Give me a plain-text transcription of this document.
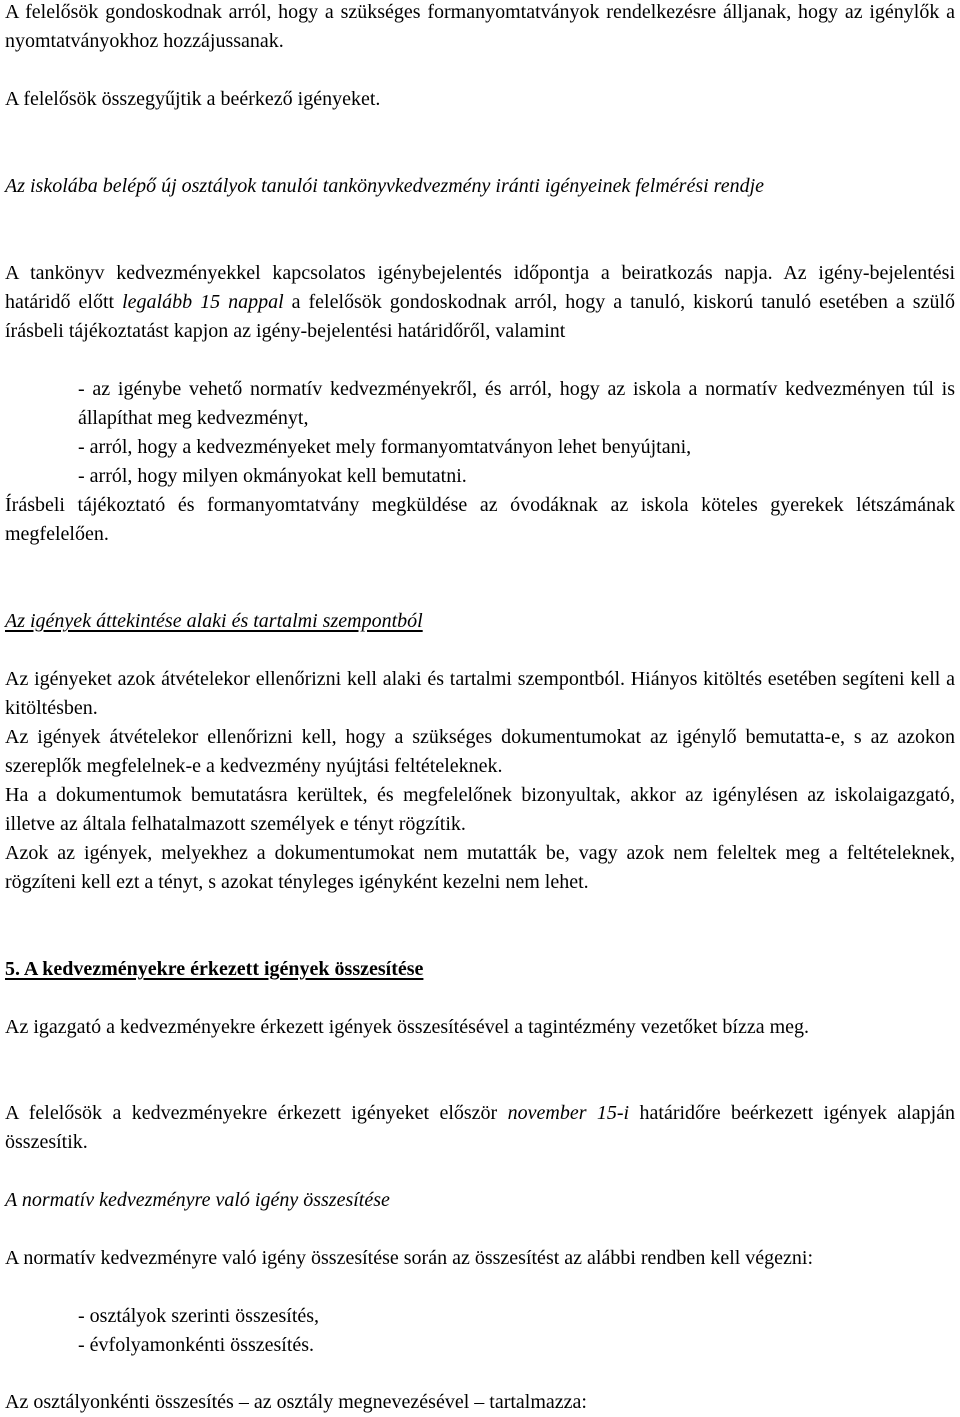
A felelősök gondoskodnak arról, hogy a szükséges formanyomtatványok rendelkezésre álljanak, hogy az igénylők a nyomtatványokhoz hozzájussanak.

A felelősök összegyűjtik a beérkező igényeket.

Az iskolába belépő új osztályok tanulói tankönyvkedvezmény iránti igényeinek felmérési rendje

A tankönyv kedvezményekkel kapcsolatos igénybejelentés időpontja a beiratkozás napja. Az igény-bejelentési határidő előtt legalább 15 nappal a felelősök gondoskodnak arról, hogy a tanuló, kiskorú tanuló esetében a szülő írásbeli tájékoztatást kapjon az igény-bejelentési határidőről, valamint

- az igénybe vehető normatív kedvezményekről, és arról, hogy az iskola a normatív kedvezményen túl is állapíthat meg kedvezményt,
- arról, hogy a kedvezményeket mely formanyomtatványon lehet benyújtani,
- arról, hogy milyen okmányokat kell bemutatni.

Írásbeli tájékoztató és formanyomtatvány megküldése az óvodáknak az iskola köteles gyerekek létszámának megfelelően.

Az igények áttekintése alaki és tartalmi szempontból

Az igényeket azok átvételekor ellenőrizni kell alaki és tartalmi szempontból. Hiányos kitöltés esetében segíteni kell a kitöltésben.

Az igények átvételekor ellenőrizni kell, hogy a szükséges dokumentumokat az igénylő bemutatta-e, s az azokon szereplők megfelelnek-e a kedvezmény nyújtási feltételeknek.

Ha a dokumentumok bemutatásra kerültek, és megfelelőnek bizonyultak, akkor az igénylésen az iskolaigazgató, illetve az általa felhatalmazott személyek e tényt rögzítik.

Azok az igények, melyekhez a dokumentumokat nem mutatták be, vagy azok nem feleltek meg a feltételeknek, rögzíteni kell ezt a tényt, s azokat tényleges igényként kezelni nem lehet.

5. A kedvezményekre érkezett igények összesítése

Az igazgató a kedvezményekre érkezett igények összesítésével a tagintézmény vezetőket bízza meg.

A felelősök a kedvezményekre érkezett igényeket először november 15-i határidőre beérkezett igények alapján összesítik.

A normatív kedvezményre való igény összesítése

A normatív kedvezményre való igény összesítése során az összesítést az alábbi rendben kell végezni:

- osztályok szerinti összesítés,
- évfolyamonkénti összesítés.

Az osztályonkénti összesítés – az osztály megnevezésével – tartalmazza:
